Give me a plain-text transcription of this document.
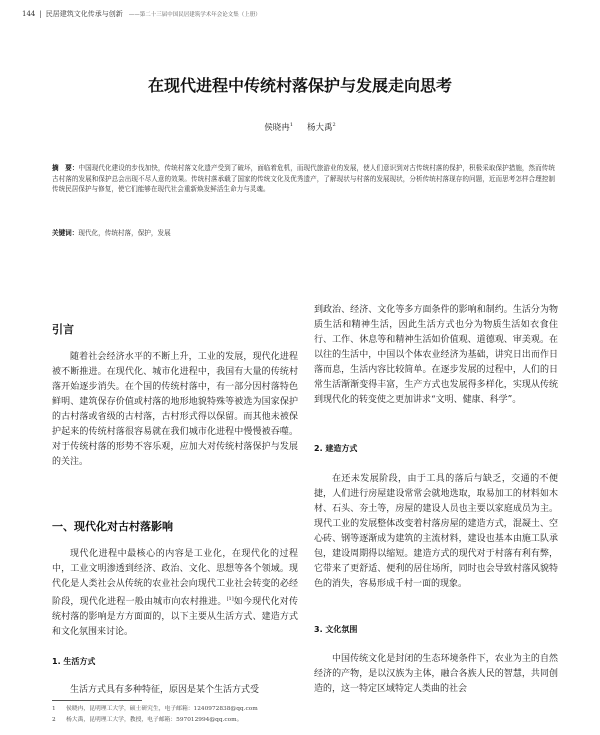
144 | 民居建筑文化传承与创新 ——第二十三届中国民居建筑学术年会论文集（上册）
在现代进程中传统村落保护与发展走向思考
侯晓冉$^1$ 杨大禹$^2$
摘　要：中国现代化建设的步伐加快，传统村落文化遗产受到了破坏，面临着危机，而现代旅游业的发展，使人们意识到对古传统村落的保护，积极采取保护措施，然而传统古村落的发展和保护总会出现不尽人意的效果。传统村落承载了国家的传统文化及优秀遗产，了解现状与村落的发展现状，分析传统村落现存的问题，近而思考怎样合理控制传统民居保护与修复，使它们能够在现代社会重新焕发鲜活生命力与灵魂。
关键词：现代化，传统村落，保护，发展
引言

随着社会经济水平的不断上升，工业的发展，现代化进程被不断推进。在现代化、城市化进程中，我国有大量的传统村落开始逐步消失。在个国的传统村落中，有一部分因村落特色鲜明、建筑保存价值或村落的地形地貌特殊等被选为国家保护的古村落或省级的古村落，古村形式得以保留。而其他未被保护起来的传统村落很容易就在我们城市化进程中慢慢被吞噬。对于传统村落的形势不容乐观，应加大对传统村落保护与发展的关注。

一、现代化对古村落影响

现代化进程中最核心的内容是工业化，在现代化的过程中，工业文明渗透到经济、政治、文化、思想等各个领域。现代化是人类社会从传统的农业社会向现代工业社会转变的必经阶段，现代化进程一般由城市向农村推进。[1]如今现代化对传统村落的影响是方方面面的，以下主要从生活方式、建造方式和文化氛围来讨论。

1. 生活方式

生活方式具有多种特征，原因是某个生活方式受

到政治、经济、文化等多方面条件的影响和制约。生活分为物质生活和精神生活，因此生活方式也分为物质生活如衣食住行、工作、休息等和精神生活如价值观、道德观、审美观。在以往的生活中，中国以个体农业经济为基础，讲究日出而作日落而息，生活内容比较简单。在逐步发展的过程中，人们的日常生活渐渐变得丰富，生产方式也发展得多样化，实现从传统到现代化的转变使之更加讲求“文明、健康、科学”。

2. 建造方式

在还未发展阶段，由于工具的落后与缺乏，交通的不便捷，人们进行房屋建设常常会就地选取，取易加工的材料如木材、石头、夯土等，房屋的建设人员也主要以家庭成员为主。现代工业的发展整体改变着村落房屋的建造方式，混凝土、空心砖、钢等逐渐成为建筑的主流材料，建设也基本由施工队承包，建设周期得以缩短。建造方式的现代对于村落有利有弊，它带来了更舒适、便利的居住场所，同时也会导致村落风貌特色的消失，容易形成千村一面的现象。

3. 文化氛围

中国传统文化是封闭的生态环境条件下，农业为主的自然经济的产物，是以汉族为主体，融合各族人民的智慧，共同创造的，这一特定区域特定人类曲的社会

1 侯晓冉，昆明理工大学，硕士研究生，电子邮箱：1240972838@qq.com
2 杨大禹，昆明理工大学，教授，电子邮箱：597012994@qq.com。
